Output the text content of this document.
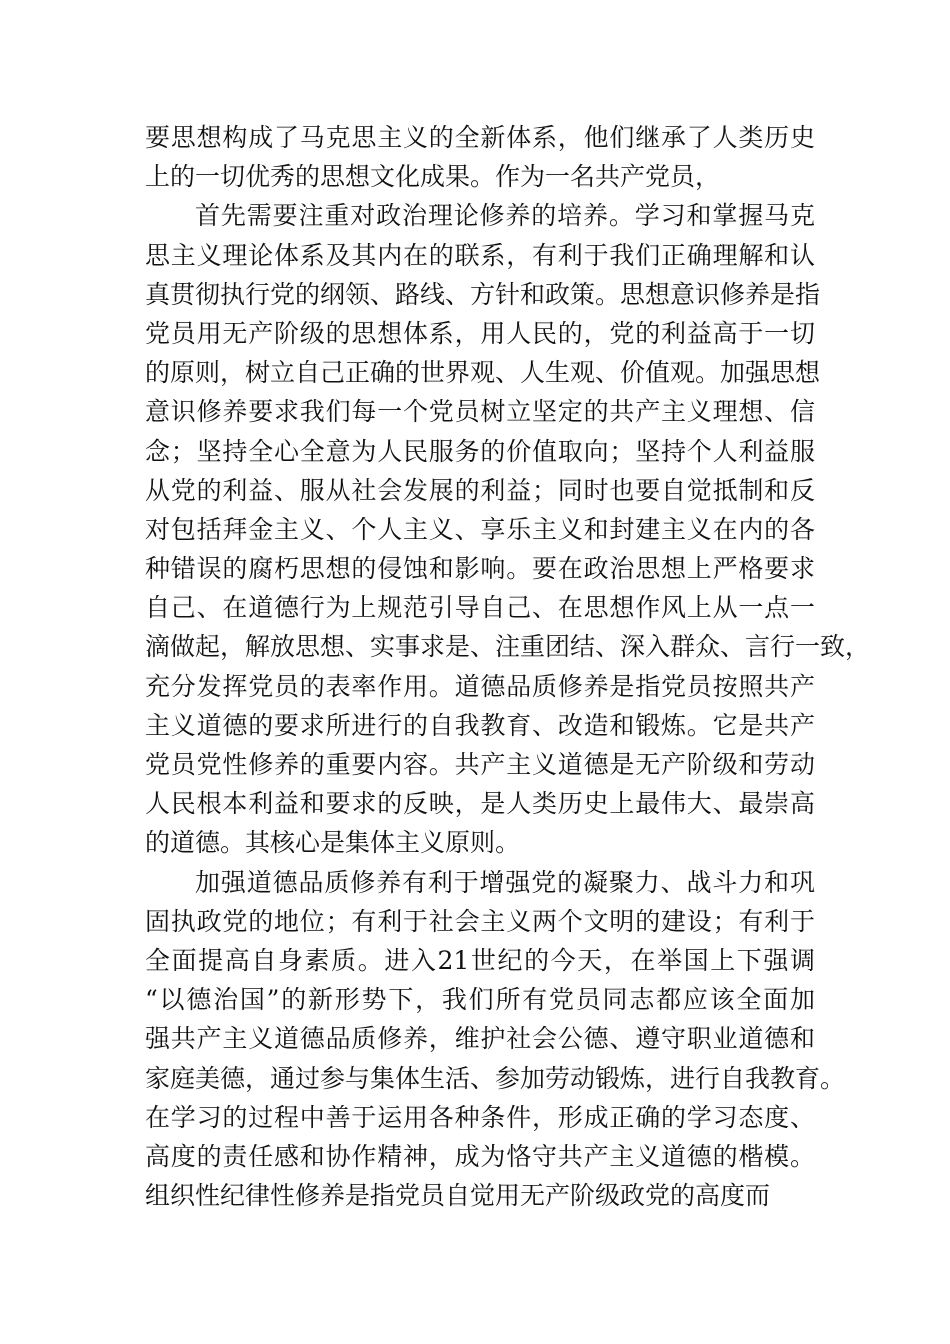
要思想构成了马克思主义的全新体系，他们继承了人类历史
上的一切优秀的思想文化成果。作为一名共产党员，
首先需要注重对政治理论修养的培养。学习和掌握马克
思主义理论体系及其内在的联系，有利于我们正确理解和认
真贯彻执行党的纲领、路线、方针和政策。思想意识修养是指
党员用无产阶级的思想体系，用人民的，党的利益高于一切
的原则，树立自己正确的世界观、人生观、价值观。加强思想
意识修养要求我们每一个党员树立坚定的共产主义理想、信
念；坚持全心全意为人民服务的价值取向；坚持个人利益服
从党的利益、服从社会发展的利益；同时也要自觉抵制和反
对包括拜金主义、个人主义、享乐主义和封建主义在内的各
种错误的腐朽思想的侵蚀和影响。要在政治思想上严格要求
自己、在道德行为上规范引导自己、在思想作风上从一点一
滴做起，解放思想、实事求是、注重团结、深入群众、言行一致，
充分发挥党员的表率作用。道德品质修养是指党员按照共产
主义道德的要求所进行的自我教育、改造和锻炼。它是共产
党员党性修养的重要内容。共产主义道德是无产阶级和劳动
人民根本利益和要求的反映，是人类历史上最伟大、最崇高
的道德。其核心是集体主义原则。
加强道德品质修养有利于增强党的凝聚力、战斗力和巩
固执政党的地位；有利于社会主义两个文明的建设；有利于
全面提高自身素质。进入21世纪的今天，在举国上下强调
“以德治国”的新形势下，我们所有党员同志都应该全面加
强共产主义道德品质修养，维护社会公德、遵守职业道德和
家庭美德，通过参与集体生活、参加劳动锻炼，进行自我教育。
在学习的过程中善于运用各种条件，形成正确的学习态度、
高度的责任感和协作精神，成为恪守共产主义道德的楷模。
组织性纪律性修养是指党员自觉用无产阶级政党的高度而
